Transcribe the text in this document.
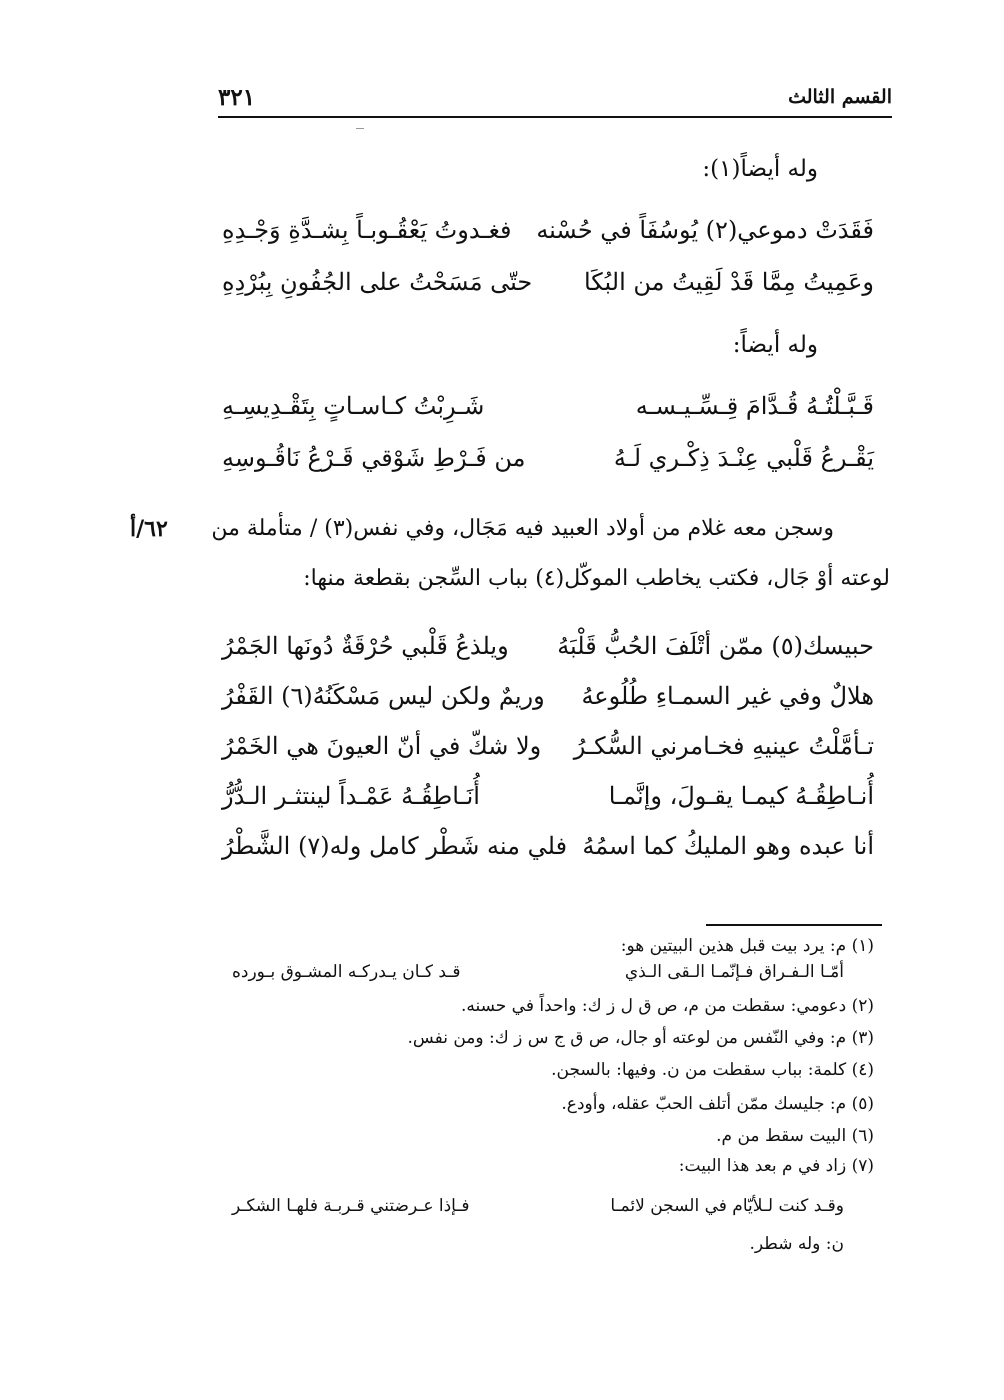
القسم الثالث
٣٢١
وله أيضاً(١):
فَقَدَتْ دموعي(٢) يُوسُفَاً في حُسْنه
فغـدوتُ يَعْقُـوبـاً بِشـدَّةِ وَجْـدِهِ
وعَمِيتُ مِمَّا قَدْ لَقِيتُ من البُكَا
حتّى مَسَحْتُ على الجُفُونِ بِبُرْدِهِ
وله أيضاً:
قَـبَّـلْتُـهُ قُـدَّامَ قِـسِّـيـسـه
شَـرِبْتُ كـاسـاتٍ بِتَقْـدِيسِـهِ
يَقْـرعُ قَلْبي عِنْـدَ ذِكْـري لَـهُ
من فَـرْطِ شَوْقي قَـرْعُ نَاقُـوسِهِ
وسجن معه غلام من أولاد العبيد فيه مَجَال، وفي نفس(٣) / متأملة من
٦٢/أ
لوعته أوْ جَال، فكتب يخاطب الموكّل(٤) بباب السِّجن بقطعة منها:
حبيسك(٥) ممّن أتْلَفَ الحُبُّ قَلْبَهُ
ويلذعُ قَلْبي حُرْقَةٌ دُونَها الجَمْرُ
هلالٌ وفي غير السمـاءِ طُلُوعهُ
وريمٌ ولكن ليس مَسْكَنُهُ(٦) القَفْرُ
تـأمَّلْتُ عينيهِ فخـامرني السُّكـرُ
ولا شكّ في أنّ العيونَ هي الخَمْرُ
أُنـاطِقُـهُ كيمـا يقـولَ، وإنَّمـا
أُنَـاطِقُـهُ عَمْـداً لينتثـر الـدُّرُّ
أنا عبده وهو المليكُ كما اسمُهُ
فلي منه شَطْر كامل وله(٧) الشَّطْرُ
(١) م: يرد بيت قبل هذين البيتين هو:
أمّـا الـفـراق فـإنّمـا الـقى الـذي
قـد كـان يـدركـه المشـوق بـورده
(٢) دعومي: سقطت من م، ص ق ل ز ك: واحداً في حسنه.
(٣) م: وفي النّفس من لوعته أو جال، ص ق ج س ز ك: ومن نفس.
(٤) كلمة: بباب سقطت من ن. وفيها: بالسجن.
(٥) م: جليسك ممّن أتلف الحبّ عقله، وأودع.
(٦) البيت سقط من م.
(٧) زاد في م بعد هذا البيت:
وقـد كنت لـلأيّام في السجن لائمـا
فـإذا عـرضتني قـربـة فلهـا الشكـر
ن: وله شطر.
